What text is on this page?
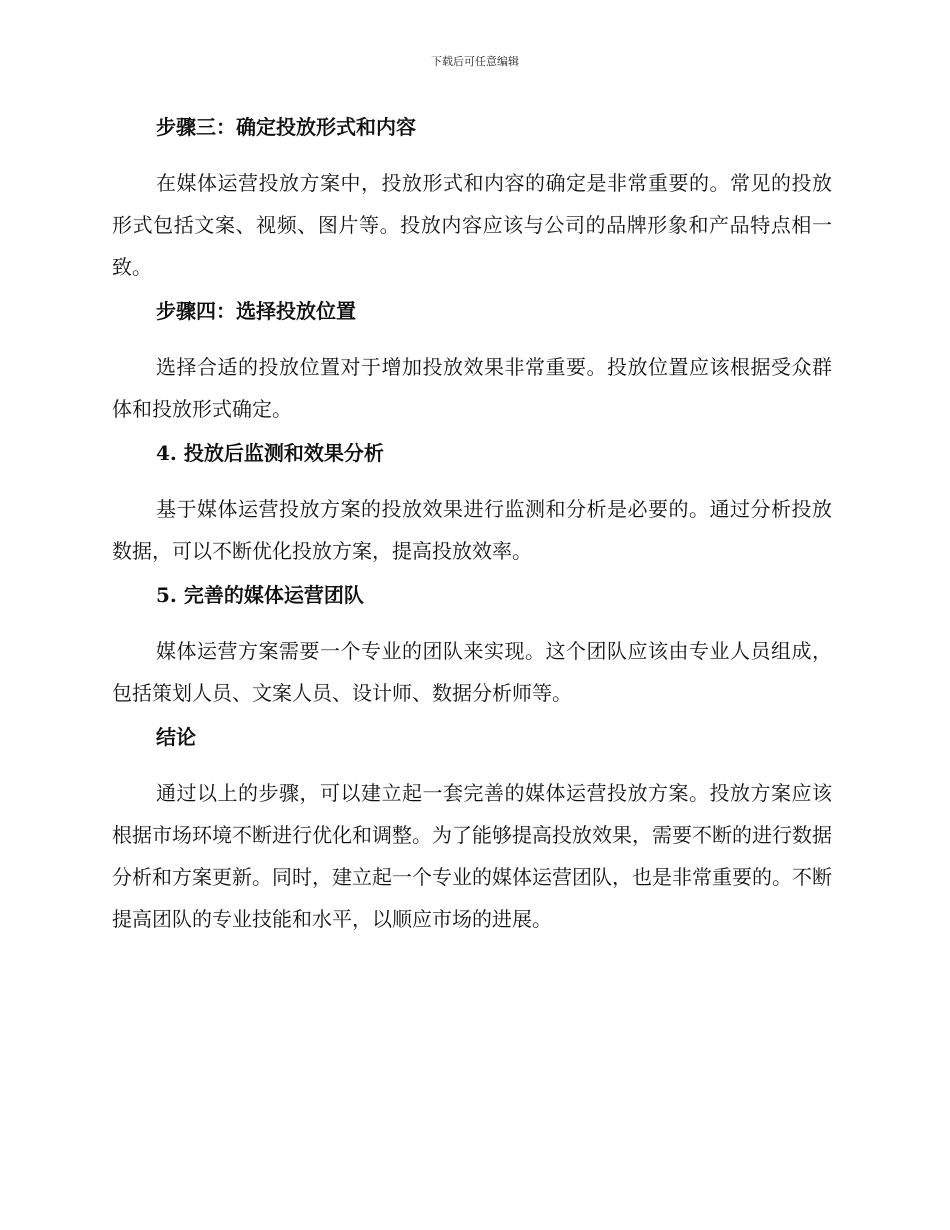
下载后可任意编辑
步骤三：确定投放形式和内容

在媒体运营投放方案中，投放形式和内容的确定是非常重要的。常见的投放形式包括文案、视频、图片等。投放内容应该与公司的品牌形象和产品特点相一致。

步骤四：选择投放位置

选择合适的投放位置对于增加投放效果非常重要。投放位置应该根据受众群体和投放形式确定。

4. 投放后监测和效果分析

基于媒体运营投放方案的投放效果进行监测和分析是必要的。通过分析投放数据，可以不断优化投放方案，提高投放效率。

5. 完善的媒体运营团队

媒体运营方案需要一个专业的团队来实现。这个团队应该由专业人员组成，包括策划人员、文案人员、设计师、数据分析师等。

结论

通过以上的步骤，可以建立起一套完善的媒体运营投放方案。投放方案应该根据市场环境不断进行优化和调整。为了能够提高投放效果，需要不断的进行数据分析和方案更新。同时，建立起一个专业的媒体运营团队，也是非常重要的。不断提高团队的专业技能和水平，以顺应市场的进展。
